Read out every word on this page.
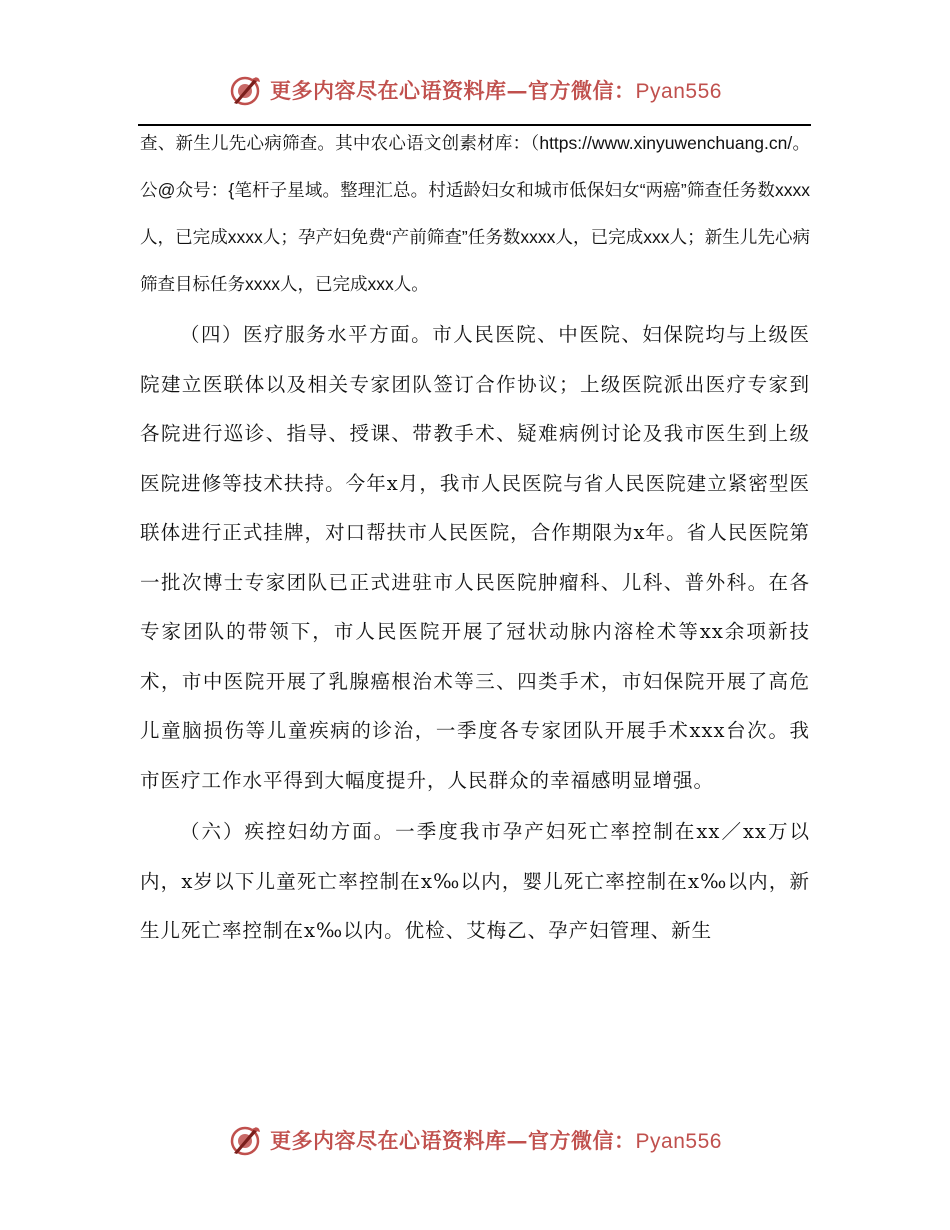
更多内容尽在心语资料库—官方微信：Pyan556

查、新生儿先心病筛查。其中农心语文创素材库：（https://www.xinyuwenchuang.cn/。公@众号：{笔杆子星域。整理汇总。村适龄妇女和城市低保妇女“两癌”筛查任务数xxxx人，已完成xxxx人；孕产妇免费“产前筛查”任务数xxxx人，已完成xxx人；新生儿先心病筛查目标任务xxxx人，已完成xxx人。

（四）医疗服务水平方面。市人民医院、中医院、妇保院均与上级医院建立医联体以及相关专家团队签订合作协议；上级医院派出医疗专家到各院进行巡诊、指导、授课、带教手术、疑难病例讨论及我市医生到上级医院进修等技术扶持。今年x月，我市人民医院与省人民医院建立紧密型医联体进行正式挂牌，对口帮扶市人民医院，合作期限为x年。省人民医院第一批次博士专家团队已正式进驻市人民医院肿瘤科、儿科、普外科。在各专家团队的带领下，市人民医院开展了冠状动脉内溶栓术等xx余项新技术，市中医院开展了乳腺癌根治术等三、四类手术，市妇保院开展了高危儿童脑损伤等儿童疾病的诊治，一季度各专家团队开展手术xxx台次。我市医疗工作水平得到大幅度提升，人民群众的幸福感明显增强。

（六）疾控妇幼方面。一季度我市孕产妇死亡率控制在xx／xx万以内，x岁以下儿童死亡率控制在x‰以内，婴儿死亡率控制在x‰以内，新生儿死亡率控制在x‰以内。优检、艾梅乙、孕产妇管理、新生

更多内容尽在心语资料库—官方微信：Pyan556
